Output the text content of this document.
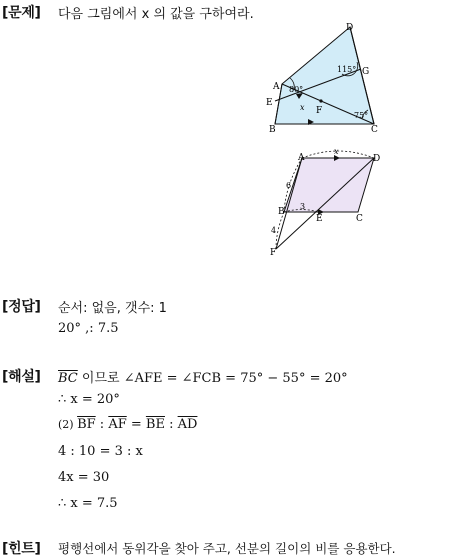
[문제] 다음 그림에서 x 의 값을 구하여라.
D
A
G
E
F
B	C
80°
115°
75°
x
A	D
B
E	C
F
x
6
3
4
[정답] 순서: 없음, 갯수: 1
20° ,: 7.5
[해설] $\overline{BC}$ 이므로 ∠AFE = ∠FCB = 75° − 55° = 20°
∴ x = 20°
(2) $\overline{BF}$ : $\overline{AF} = \overline{BE}$ : $\overline{AD}$
4 : 10 = 3 : x
4x = 30
∴ x = 7.5
[힌트] 평행선에서 동위각을 찾아 주고, 선분의 길이의 비를 응용한다.
